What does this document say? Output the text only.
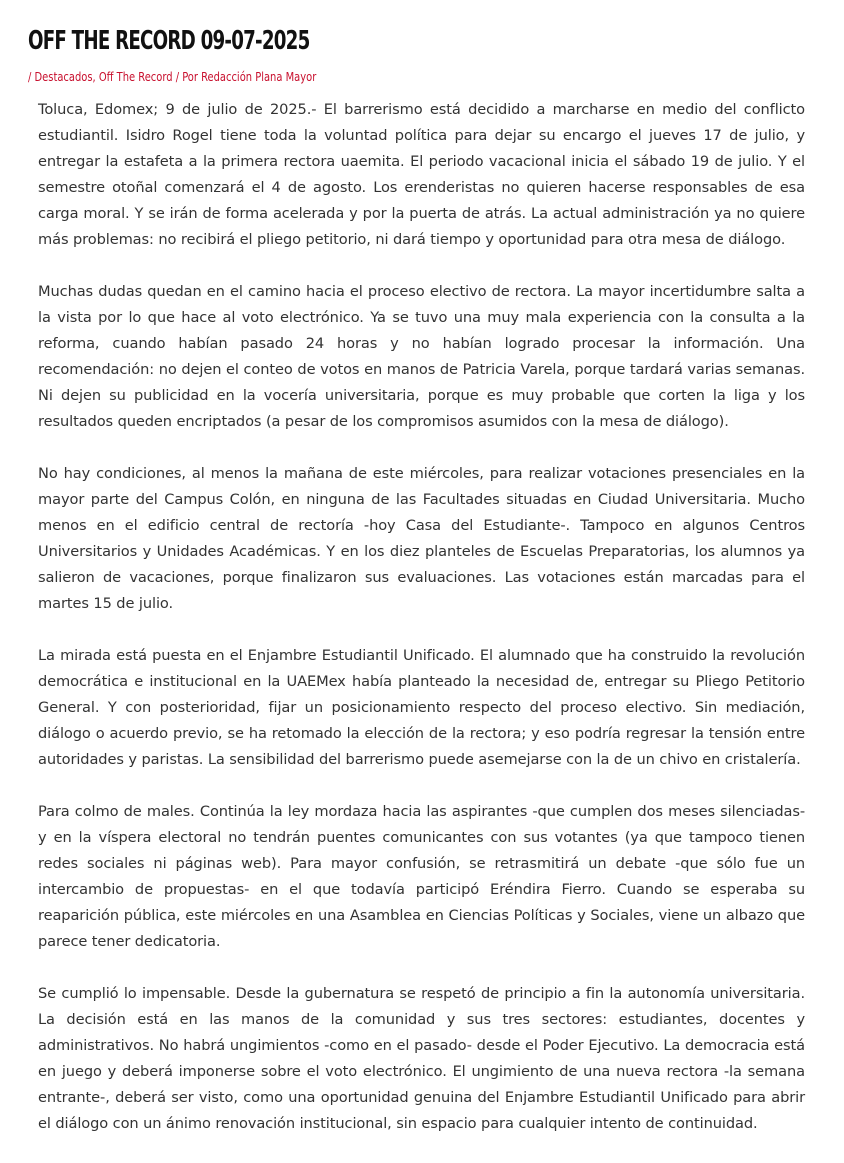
OFF THE RECORD 09-07-2025
/ Destacados, Off The Record / Por Redacción Plana Mayor

Toluca, Edomex; 9 de julio de 2025.- El barrerismo está decidido a marcharse en medio del conflicto estudiantil. Isidro Rogel tiene toda la voluntad política para dejar su encargo el jueves 17 de julio, y entregar la estafeta a la primera rectora uaemita. El periodo vacacional inicia el sábado 19 de julio. Y el semestre otoñal comenzará el 4 de agosto. Los erenderistas no quieren hacerse responsables de esa carga moral. Y se irán de forma acelerada y por la puerta de atrás. La actual administración ya no quiere más problemas: no recibirá el pliego petitorio, ni dará tiempo y oportunidad para otra mesa de diálogo.

Muchas dudas quedan en el camino hacia el proceso electivo de rectora. La mayor incertidumbre salta a la vista por lo que hace al voto electrónico. Ya se tuvo una muy mala experiencia con la consulta a la reforma, cuando habían pasado 24 horas y no habían logrado procesar la información. Una recomendación: no dejen el conteo de votos en manos de Patricia Varela, porque tardará varias semanas. Ni dejen su publicidad en la vocería universitaria, porque es muy probable que corten la liga y los resultados queden encriptados (a pesar de los compromisos asumidos con la mesa de diálogo).

No hay condiciones, al menos la mañana de este miércoles, para realizar votaciones presenciales en la mayor parte del Campus Colón, en ninguna de las Facultades situadas en Ciudad Universitaria. Mucho menos en el edificio central de rectoría -hoy Casa del Estudiante-. Tampoco en algunos Centros Universitarios y Unidades Académicas. Y en los diez planteles de Escuelas Preparatorias, los alumnos ya salieron de vacaciones, porque finalizaron sus evaluaciones. Las votaciones están marcadas para el martes 15 de julio.

La mirada está puesta en el Enjambre Estudiantil Unificado. El alumnado que ha construido la revolución democrática e institucional en la UAEMex había planteado la necesidad de, entregar su Pliego Petitorio General. Y con posterioridad, fijar un posicionamiento respecto del proceso electivo. Sin mediación, diálogo o acuerdo previo, se ha retomado la elección de la rectora; y eso podría regresar la tensión entre autoridades y paristas. La sensibilidad del barrerismo puede asemejarse con la de un chivo en cristalería.

Para colmo de males. Continúa la ley mordaza hacia las aspirantes -que cumplen dos meses silenciadas- y en la víspera electoral no tendrán puentes comunicantes con sus votantes (ya que tampoco tienen redes sociales ni páginas web). Para mayor confusión, se retrasmitirá un debate -que sólo fue un intercambio de propuestas- en el que todavía participó Eréndira Fierro. Cuando se esperaba su reaparición pública, este miércoles en una Asamblea en Ciencias Políticas y Sociales, viene un albazo que parece tener dedicatoria.

Se cumplió lo impensable. Desde la gubernatura se respetó de principio a fin la autonomía universitaria. La decisión está en las manos de la comunidad y sus tres sectores: estudiantes, docentes y administrativos. No habrá ungimientos -como en el pasado- desde el Poder Ejecutivo. La democracia está en juego y deberá imponerse sobre el voto electrónico. El ungimiento de una nueva rectora -la semana entrante-, deberá ser visto, como una oportunidad genuina del Enjambre Estudiantil Unificado para abrir el diálogo con un ánimo renovación institucional, sin espacio para cualquier intento de continuidad.
